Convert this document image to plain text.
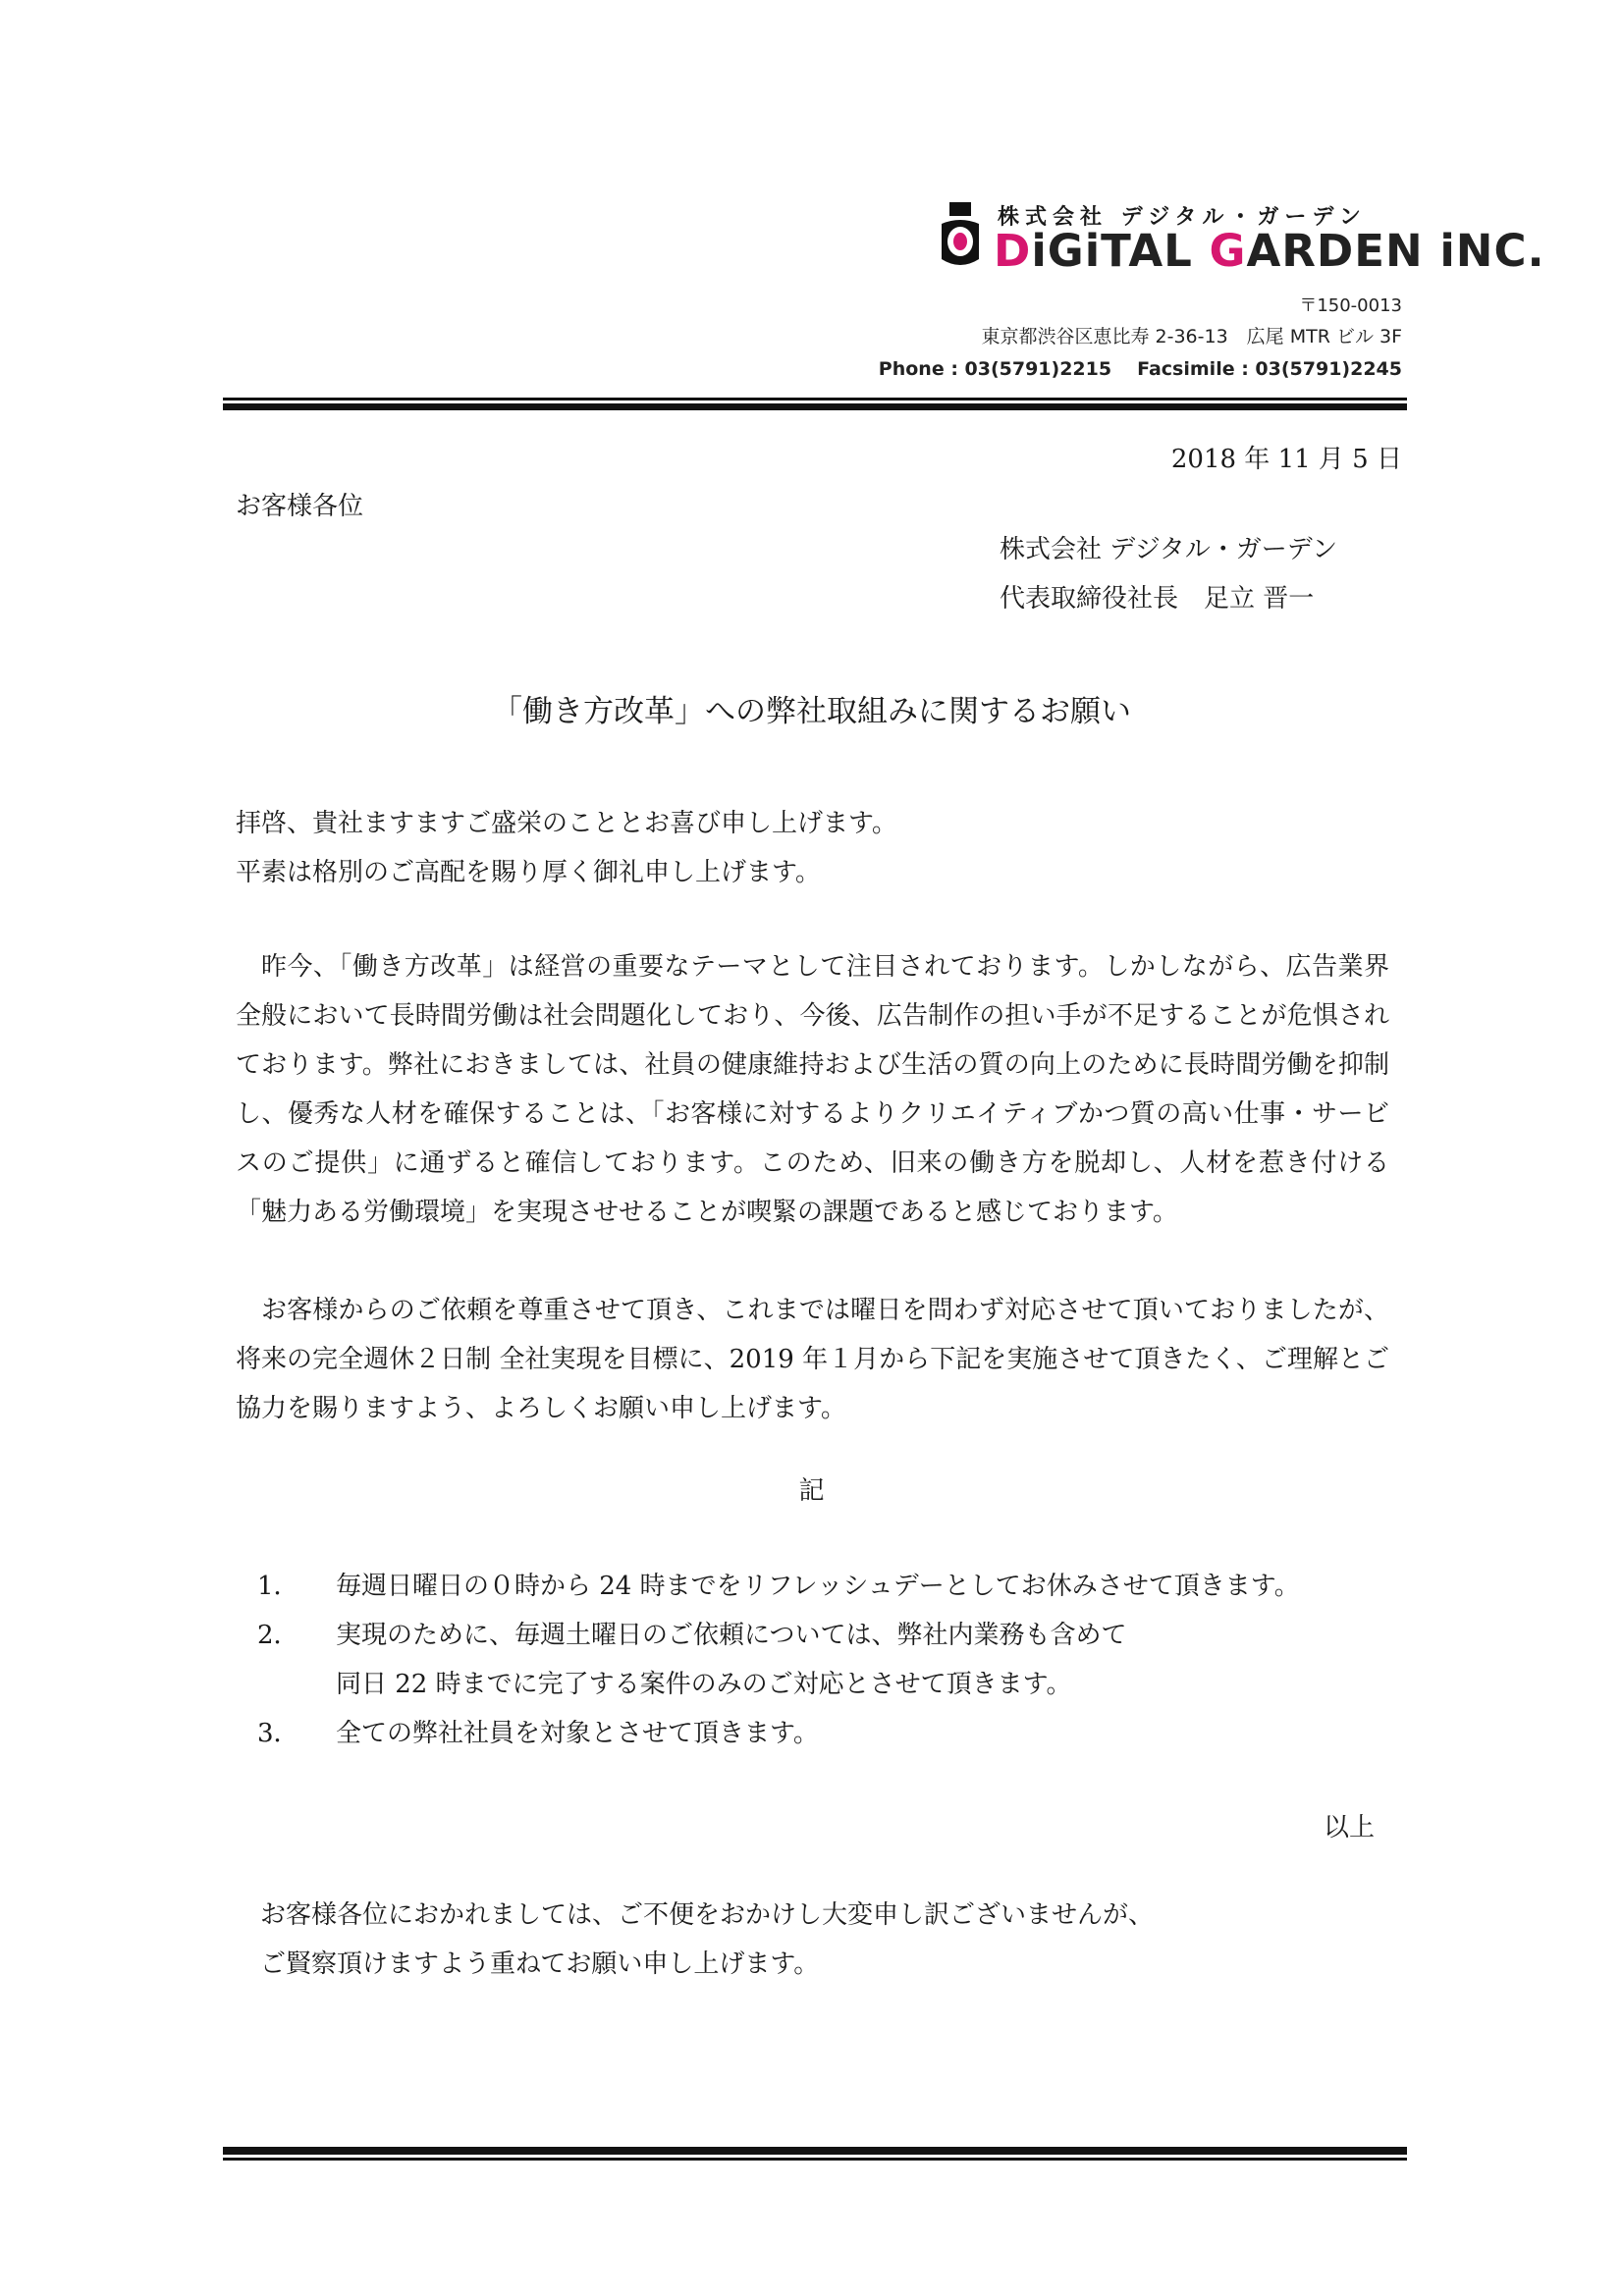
株式会社 デジタル・ガーデン
DiGiTAL GARDEN iNC.
〒150-0013
東京都渋谷区恵比寿 2-36-13　広尾 MTR ビル 3F
Phone : 03(5791)2215 Facsimile : 03(5791)2245
2018 年 11 月 5 日
お客様各位
株式会社 デジタル・ガーデン
代表取締役社長　足立 晋一
「働き方改革」への弊社取組みに関するお願い
拝啓、貴社ますますご盛栄のこととお喜び申し上げます。
平素は格別のご高配を賜り厚く御礼申し上げます。
昨今、「働き方改革」は経営の重要なテーマとして注目されております。しかしながら、広告業界全般において長時間労働は社会問題化しており、今後、広告制作の担い手が不足することが危惧されております。弊社におきましては、社員の健康維持および生活の質の向上のために長時間労働を抑制し、優秀な人材を確保することは、「お客様に対するよりクリエイティブかつ質の高い仕事・サービスのご提供」に通ずると確信しております。このため、旧来の働き方を脱却し、人材を惹き付ける「魅力ある労働環境」を実現させせることが喫緊の課題であると感じております。
お客様からのご依頼を尊重させて頂き、これまでは曜日を問わず対応させて頂いておりましたが、将来の完全週休２日制 全社実現を目標に、2019 年１月から下記を実施させて頂きたく、ご理解とご協力を賜りますよう、よろしくお願い申し上げます。
記
1． 毎週日曜日の０時から 24 時までをリフレッシュデーとしてお休みさせて頂きます。
2． 実現のために、毎週土曜日のご依頼については、弊社内業務も含めて
同日 22 時までに完了する案件のみのご対応とさせて頂きます。
3． 全ての弊社社員を対象とさせて頂きます。
以上
お客様各位におかれましては、ご不便をおかけし大変申し訳ございませんが、
ご賢察頂けますよう重ねてお願い申し上げます。
